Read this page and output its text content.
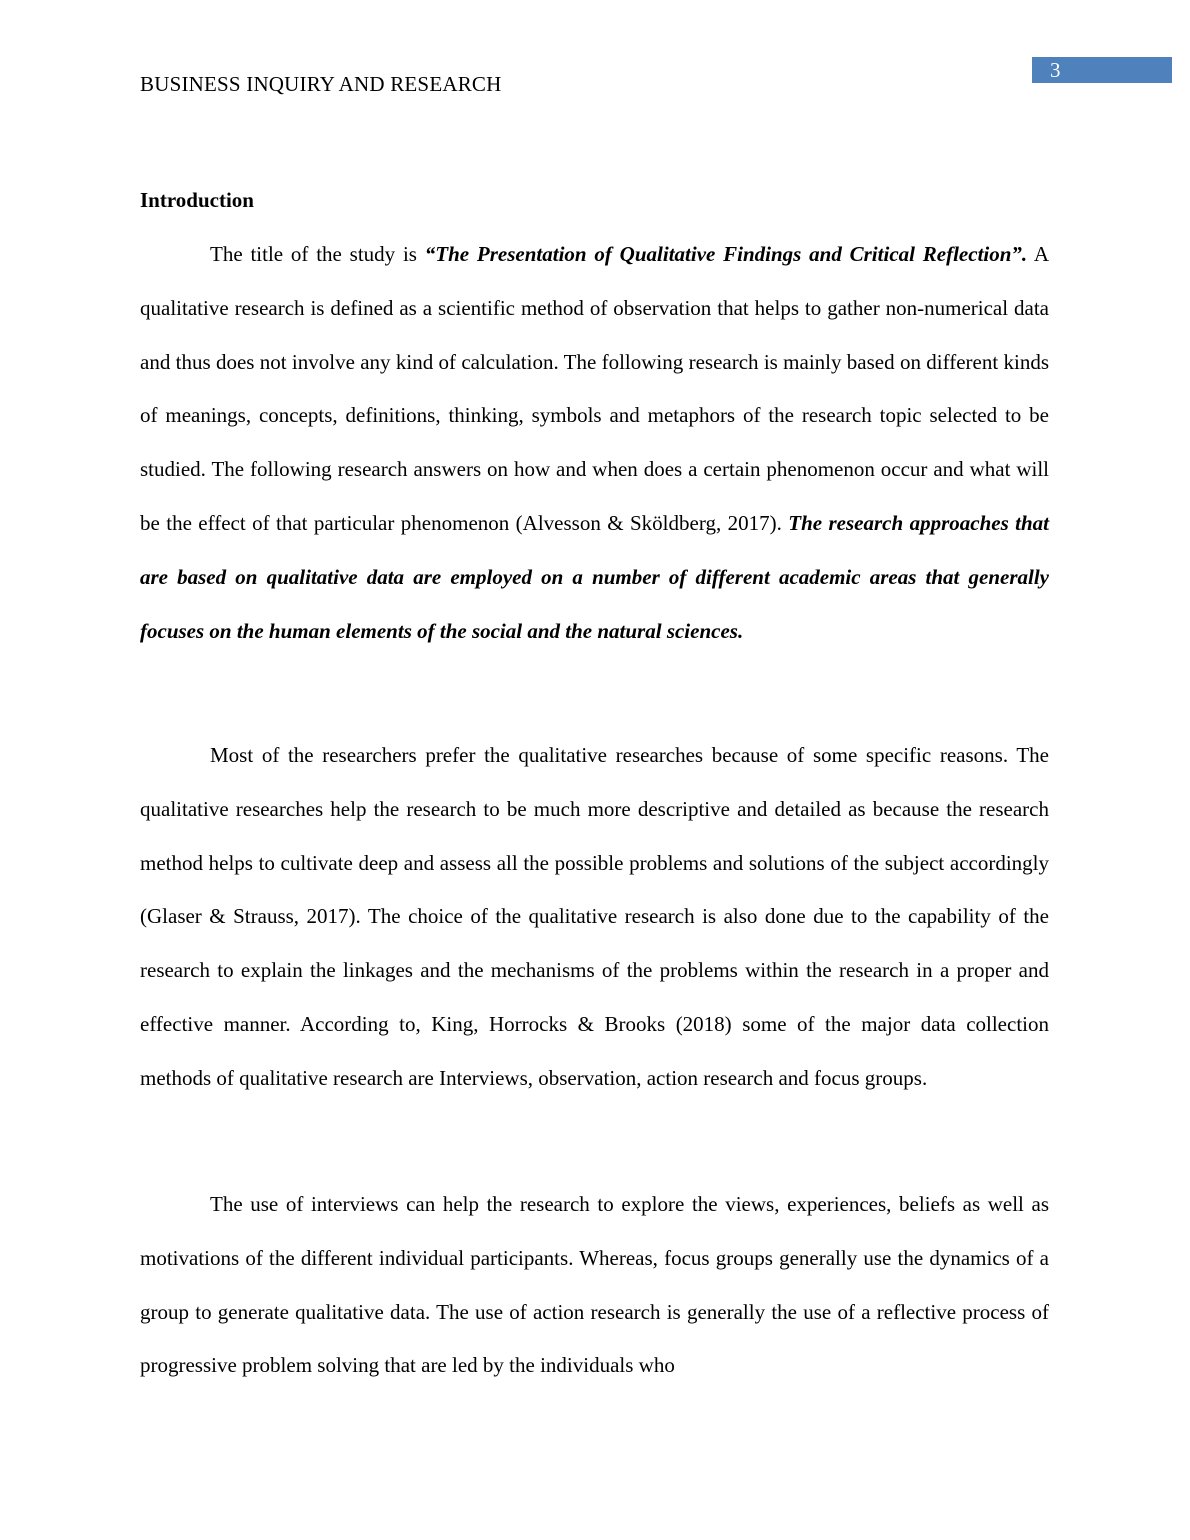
BUSINESS INQUIRY AND RESEARCH
3
Introduction

The title of the study is “The Presentation of Qualitative Findings and Critical Reflection”. A qualitative research is defined as a scientific method of observation that helps to gather non-numerical data and thus does not involve any kind of calculation. The following research is mainly based on different kinds of meanings, concepts, definitions, thinking, symbols and metaphors of the research topic selected to be studied. The following research answers on how and when does a certain phenomenon occur and what will be the effect of that particular phenomenon (Alvesson & Sköldberg, 2017). The research approaches that are based on qualitative data are employed on a number of different academic areas that generally focuses on the human elements of the social and the natural sciences.

Most of the researchers prefer the qualitative researches because of some specific reasons. The qualitative researches help the research to be much more descriptive and detailed as because the research method helps to cultivate deep and assess all the possible problems and solutions of the subject accordingly (Glaser & Strauss, 2017). The choice of the qualitative research is also done due to the capability of the research to explain the linkages and the mechanisms of the problems within the research in a proper and effective manner. According to, King, Horrocks & Brooks (2018) some of the major data collection methods of qualitative research are Interviews, observation, action research and focus groups.

The use of interviews can help the research to explore the views, experiences, beliefs as well as motivations of the different individual participants. Whereas, focus groups generally use the dynamics of a group to generate qualitative data. The use of action research is generally the use of a reflective process of progressive problem solving that are led by the individuals who
